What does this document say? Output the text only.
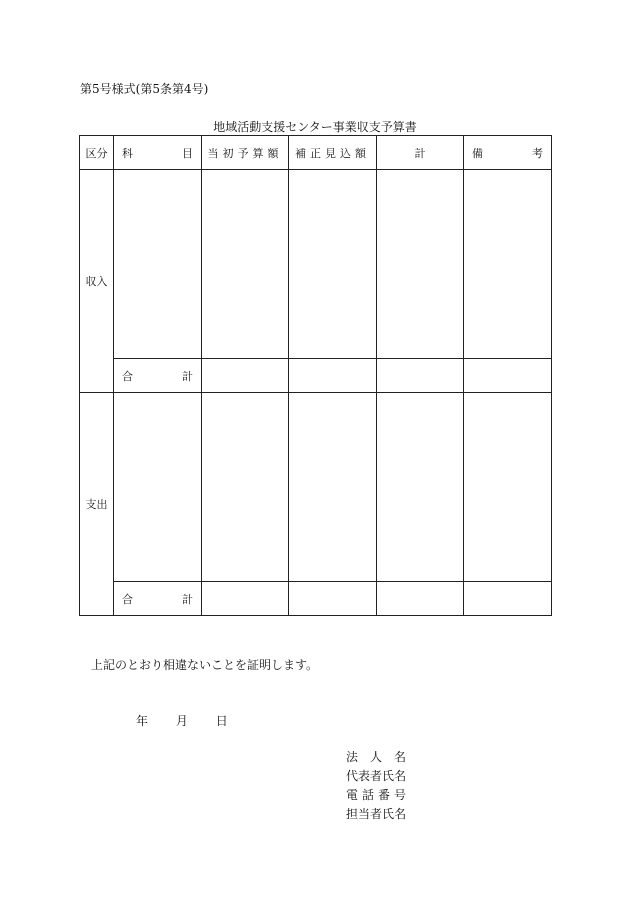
第5号様式(第5条第4号)
地域活動支援センター事業収支予算書
区分	科 目	当初予算額	補正見込額	計	備 考

収入					

	合 計				

支出					

	合 計				

上記のとおり相違ないことを証明します。
年 月 日
法 人 名
代 表 者 氏 名
電 話 番 号
担 当 者 氏 名
